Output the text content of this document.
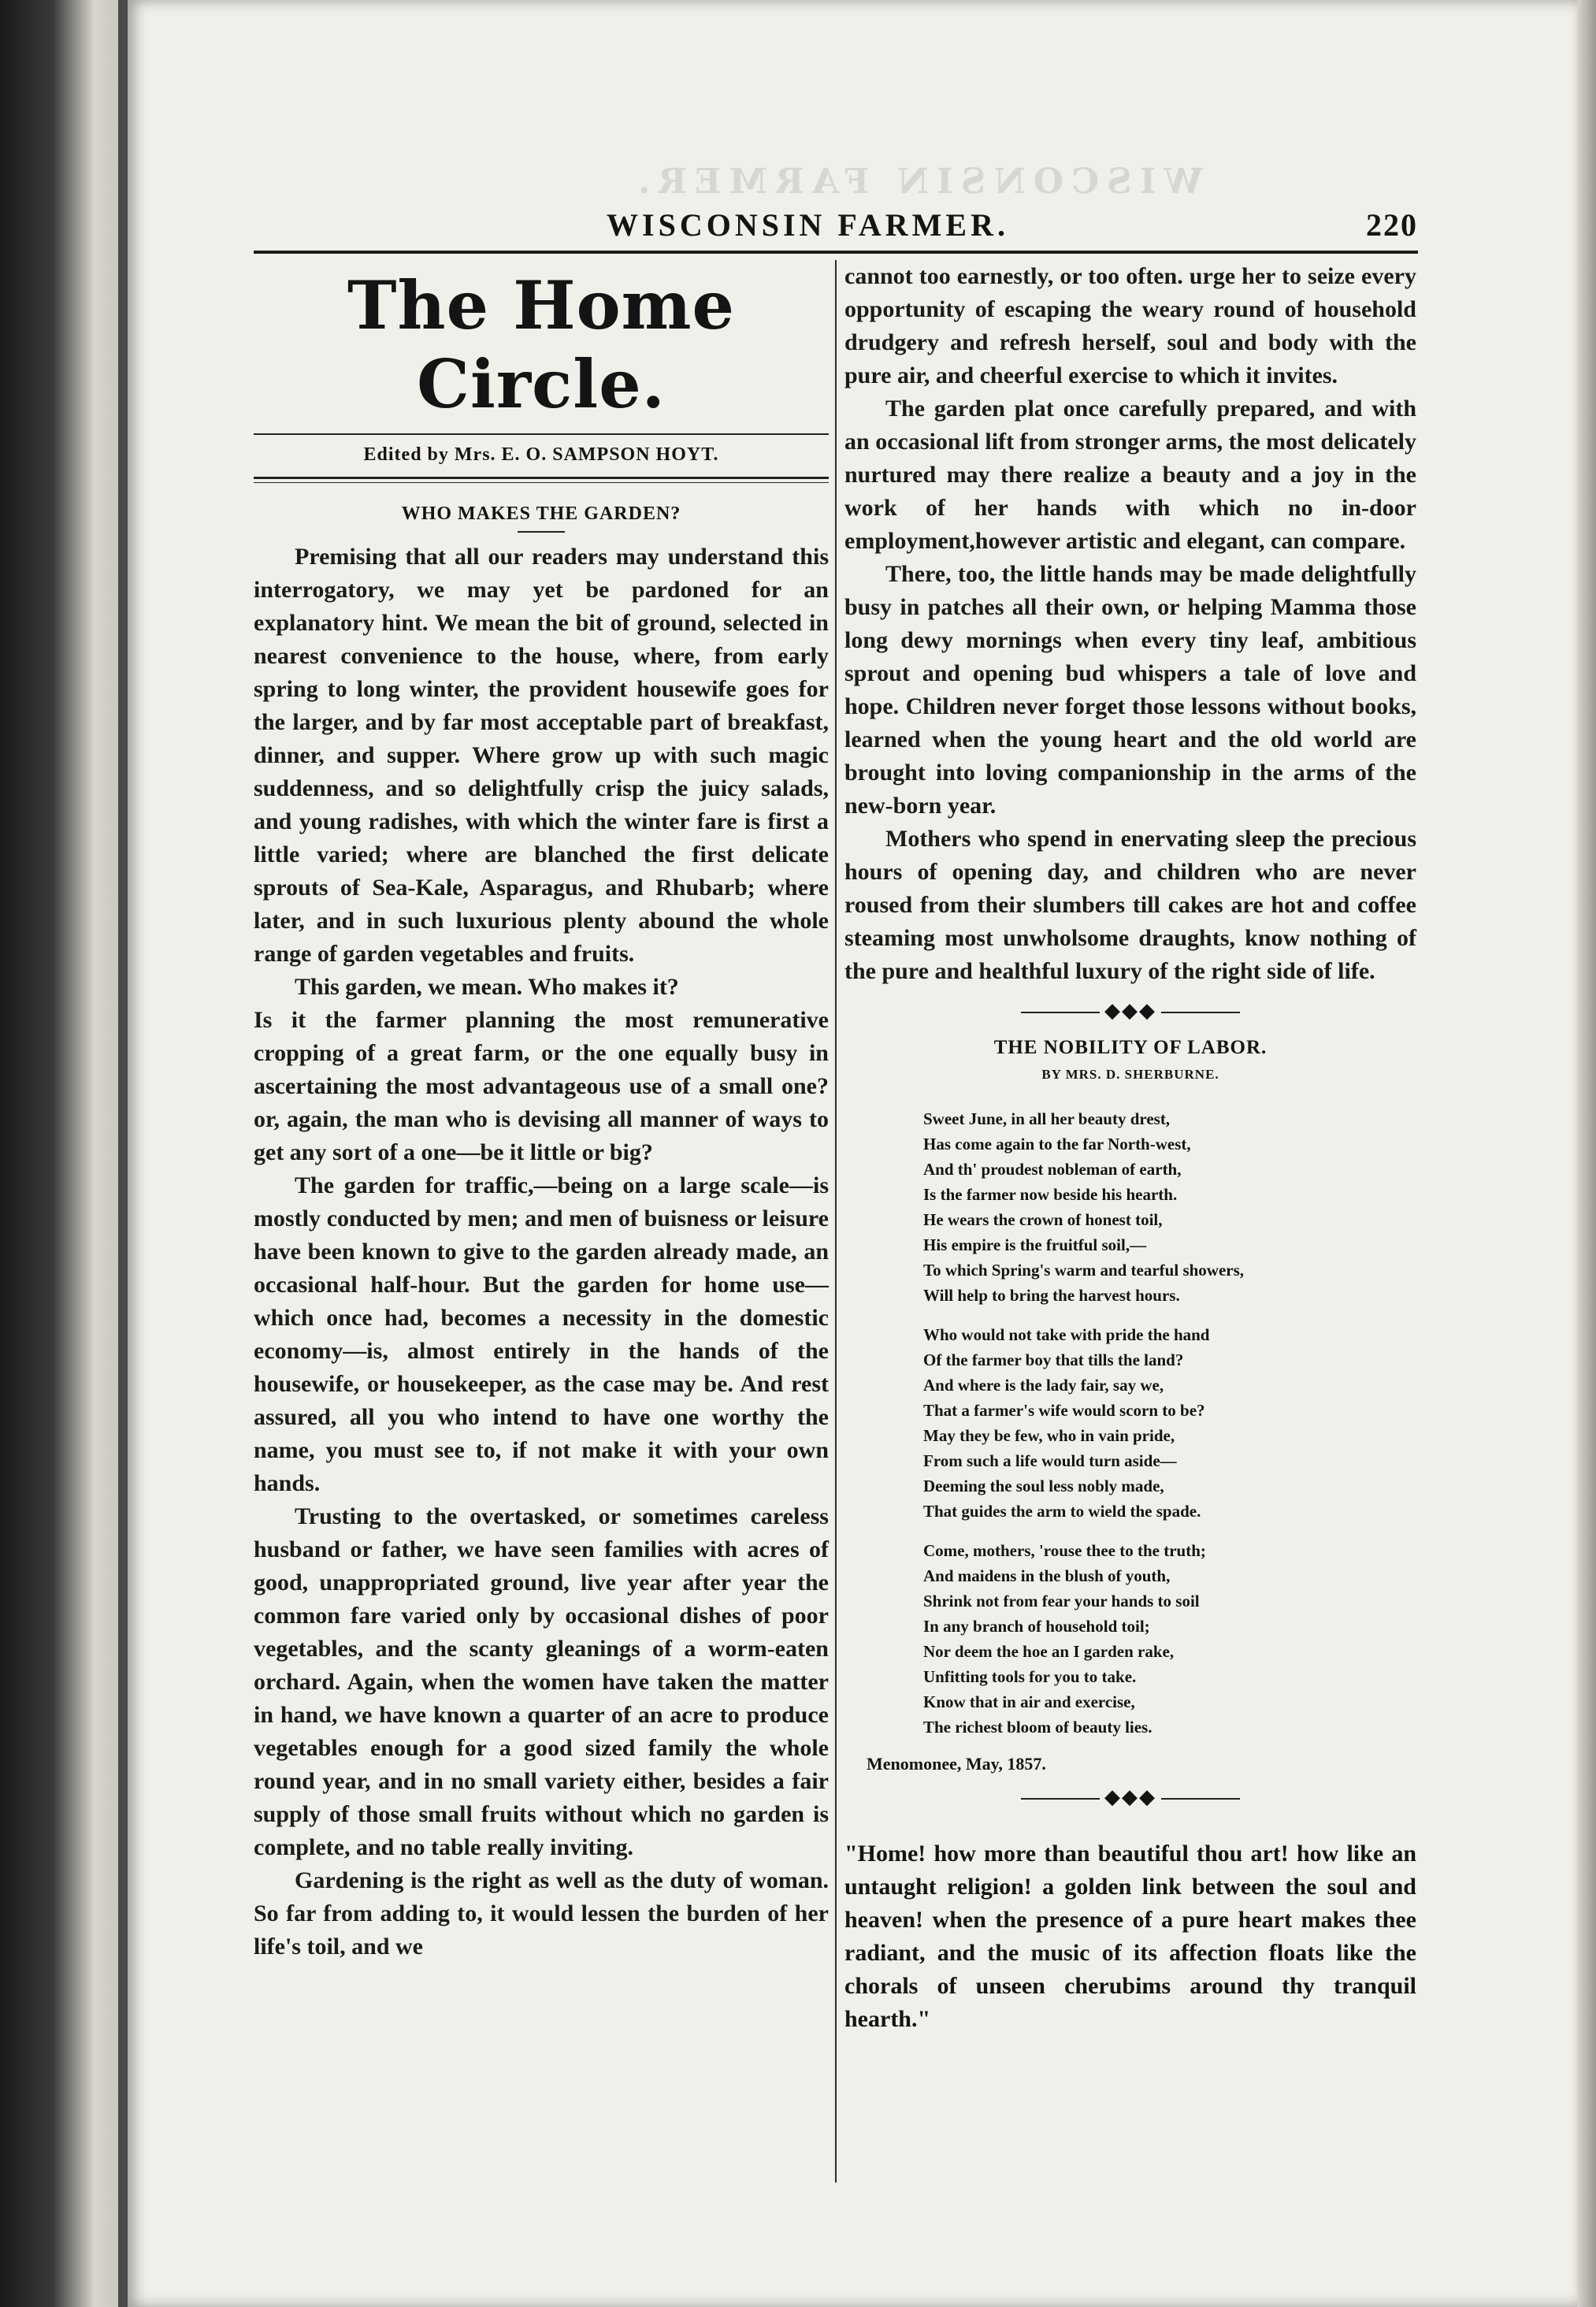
WISCONSIN FARMER.
WISCONSIN FARMER.	220
The Home Circle.
Edited by Mrs. E. O. SAMPSON HOYT.
WHO MAKES THE GARDEN?

Premising that all our readers may understand this interrogatory, we may yet be pardoned for an explanatory hint. We mean the bit of ground, selected in nearest convenience to the house, where, from early spring to long winter, the provident housewife goes for the larger, and by far most acceptable part of breakfast, dinner, and supper. Where grow up with such magic suddenness, and so delightfully crisp the juicy salads, and young radishes, with which the winter fare is first a little varied; where are blanched the first delicate sprouts of Sea-Kale, Asparagus, and Rhubarb; where later, and in such luxurious plenty abound the whole range of garden vegetables and fruits.

This garden, we mean. Who makes it?

Is it the farmer planning the most remunerative cropping of a great farm, or the one equally busy in ascertaining the most advantageous use of a small one? or, again, the man who is devising all manner of ways to get any sort of a one—be it little or big?

The garden for traffic,—being on a large scale—is mostly conducted by men; and men of buisness or leisure have been known to give to the garden already made, an occasional half-hour. But the garden for home use—which once had, becomes a necessity in the domestic economy—is, almost entirely in the hands of the housewife, or housekeeper, as the case may be. And rest assured, all you who intend to have one worthy the name, you must see to, if not make it with your own hands.

Trusting to the overtasked, or sometimes careless husband or father, we have seen families with acres of good, unappropriated ground, live year after year the common fare varied only by occasional dishes of poor vegetables, and the scanty gleanings of a worm-eaten orchard. Again, when the women have taken the matter in hand, we have known a quarter of an acre to produce vegetables enough for a good sized family the whole round year, and in no small variety either, besides a fair supply of those small fruits without which no garden is complete, and no table really inviting.

Gardening is the right as well as the duty of woman. So far from adding to, it would lessen the burden of her life's toil, and we

cannot too earnestly, or too often. urge her to seize every opportunity of escaping the weary round of household drudgery and refresh herself, soul and body with the pure air, and cheerful exercise to which it invites.

The garden plat once carefully prepared, and with an occasional lift from stronger arms, the most delicately nurtured may there realize a beauty and a joy in the work of her hands with which no in-door employment,however artistic and elegant, can compare.

There, too, the little hands may be made delightfully busy in patches all their own, or helping Mamma those long dewy mornings when every tiny leaf, ambitious sprout and opening bud whispers a tale of love and hope. Children never forget those lessons without books, learned when the young heart and the old world are brought into loving companionship in the arms of the new-born year.

Mothers who spend in enervating sleep the precious hours of opening day, and children who are never roused from their slumbers till cakes are hot and coffee steaming most unwholsome draughts, know nothing of the pure and healthful luxury of the right side of life.

◆◆◆
THE NOBILITY OF LABOR.
BY MRS. D. SHERBURNE.
Sweet June, in all her beauty drest,
Has come again to the far North-west,
And th' proudest nobleman of earth,
Is the farmer now beside his hearth.
He wears the crown of honest toil,
His empire is the fruitful soil,—
To which Spring's warm and tearful showers,
Will help to bring the harvest hours.
Who would not take with pride the hand
Of the farmer boy that tills the land?
And where is the lady fair, say we,
That a farmer's wife would scorn to be?
May they be few, who in vain pride,
From such a life would turn aside—
Deeming the soul less nobly made,
That guides the arm to wield the spade.
Come, mothers, 'rouse thee to the truth;
And maidens in the blush of youth,
Shrink not from fear your hands to soil
In any branch of household toil;
Nor deem the hoe an I garden rake,
Unfitting tools for you to take.
Know that in air and exercise,
The richest bloom of beauty lies.
Menomonee, May, 1857.
◆◆◆

"Home! how more than beautiful thou art! how like an untaught religion! a golden link between the soul and heaven! when the presence of a pure heart makes thee radiant, and the music of its affection floats like the chorals of unseen cherubims around thy tranquil hearth."
